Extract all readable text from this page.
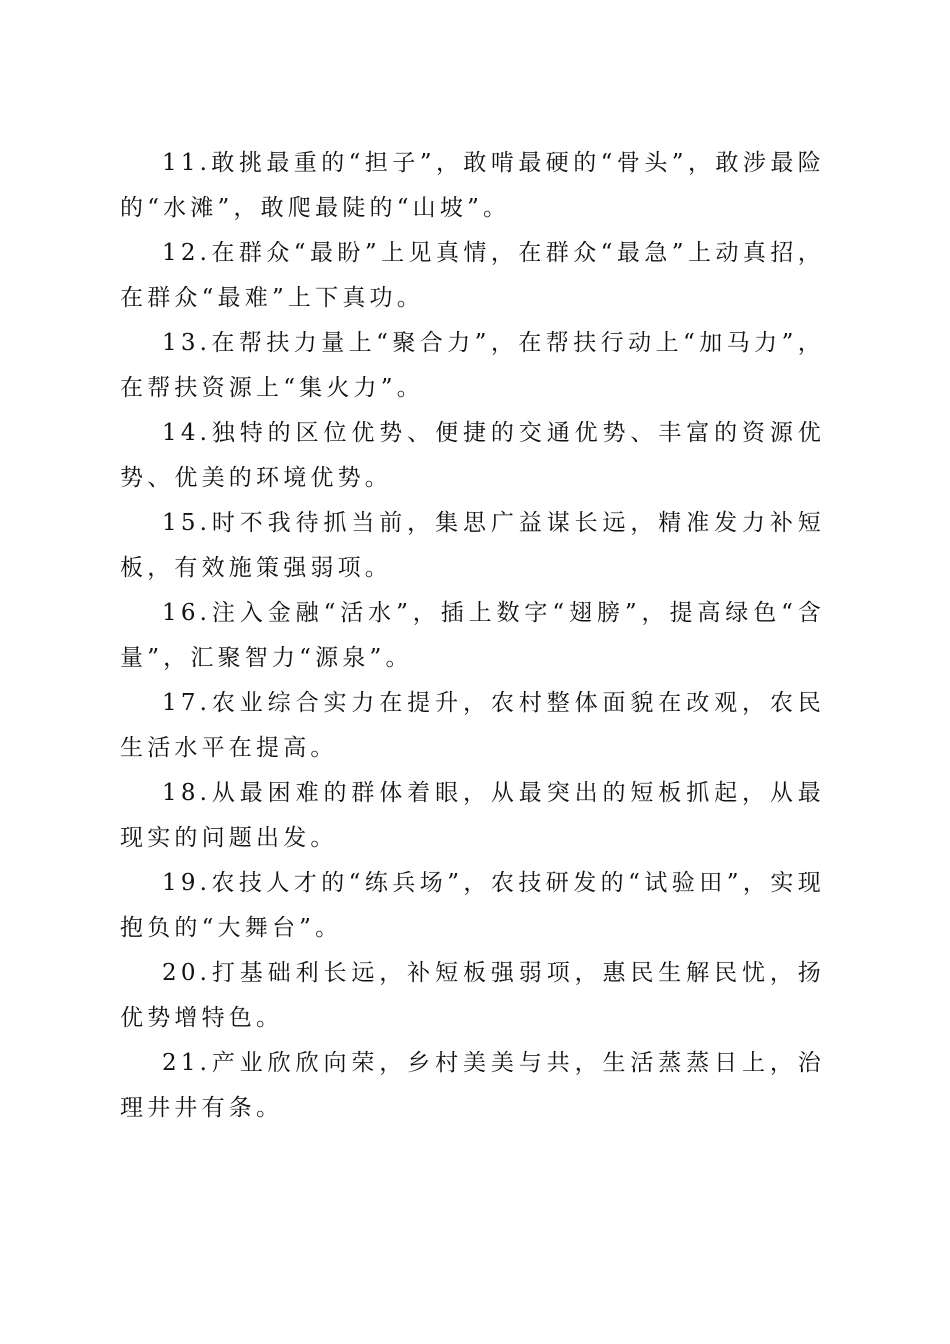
11.敢挑最重的“担子”，敢啃最硬的“骨头”，敢涉最险的“水滩”，敢爬最陡的“山坡”。

12.在群众“最盼”上见真情，在群众“最急”上动真招，在群众“最难”上下真功。

13.在帮扶力量上“聚合力”，在帮扶行动上“加马力”，在帮扶资源上“集火力”。

14.独特的区位优势、便捷的交通优势、丰富的资源优势、优美的环境优势。

15.时不我待抓当前，集思广益谋长远，精准发力补短板，有效施策强弱项。

16.注入金融“活水”，插上数字“翅膀”，提高绿色“含量”，汇聚智力“源泉”。

17.农业综合实力在提升，农村整体面貌在改观，农民生活水平在提高。

18.从最困难的群体着眼，从最突出的短板抓起，从最现实的问题出发。

19.农技人才的“练兵场”，农技研发的“试验田”，实现抱负的“大舞台”。

20.打基础利长远，补短板强弱项，惠民生解民忧，扬优势增特色。

21.产业欣欣向荣，乡村美美与共，生活蒸蒸日上，治理井井有条。
